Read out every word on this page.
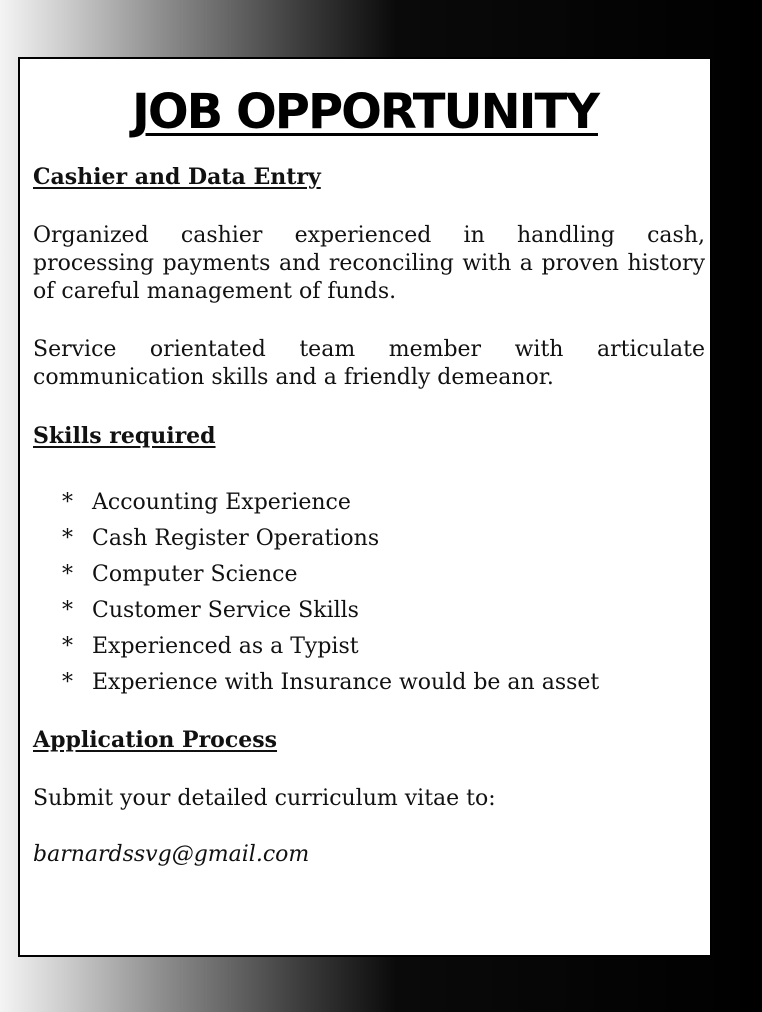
JOB OPPORTUNITY

Cashier and Data Entry

Organized cashier experienced in handling cash, processing payments and reconciling with a proven history of careful management of funds.

Service orientated team member with articulate communication skills and a friendly demeanor.

Skills required

* Accounting Experience
* Cash Register Operations
* Computer Science
* Customer Service Skills
* Experienced as a Typist
* Experience with Insurance would be an asset

Application Process

Submit your detailed curriculum vitae to:

barnardssvg@gmail.com
